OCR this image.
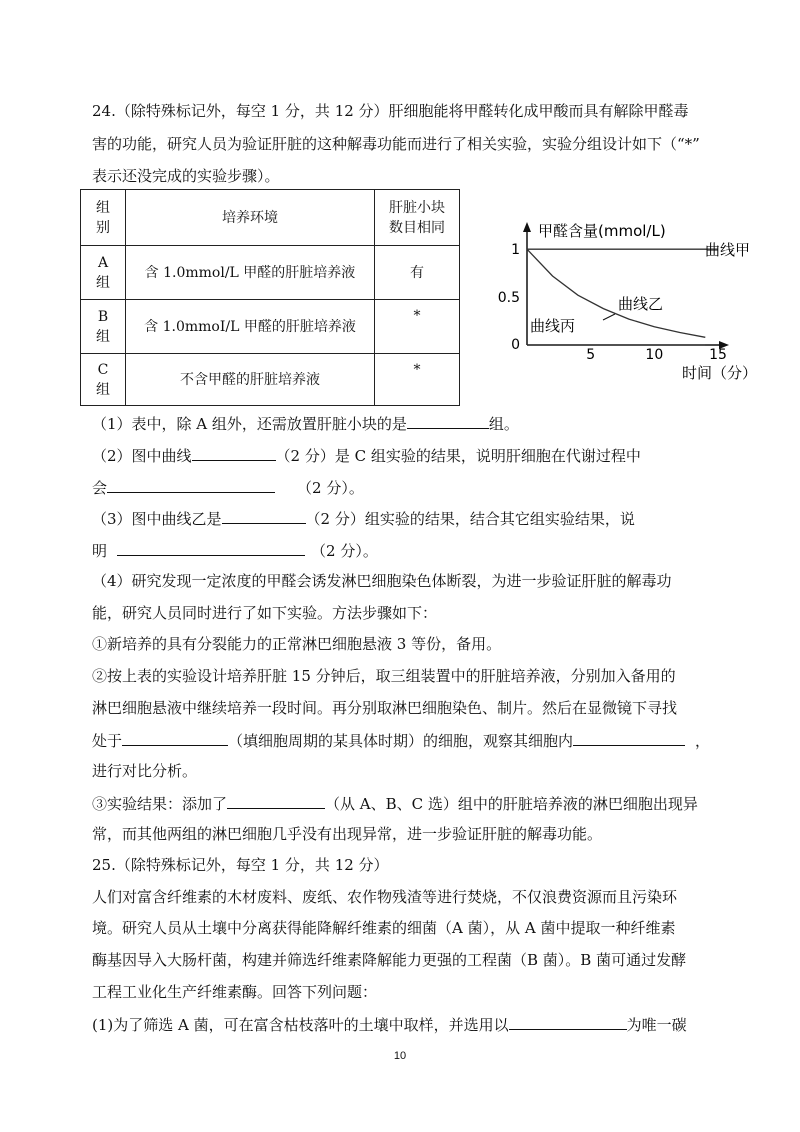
24.（除特殊标记外，每空 1 分，共 12 分）肝细胞能将甲醛转化成甲酸而具有解除甲醛毒
害的功能，研究人员为验证肝脏的这种解毒功能而进行了相关实验，实验分组设计如下（“*”
表示还没完成的实验步骤）。
组
别	培养环境	肝脏小块
数目相同
A
组	含 1.0mmol/L 甲醛的肝脏培养液	有
B
组	含 1.0mmoI/L 甲醛的肝脏培养液	*
C
组	不含甲醛的肝脏培养液	*
5	10	15
0.5
1
0
甲醛含量(mmol/L)
时间（分）
曲线甲
曲线乙
曲线丙
（1）表中，除 A 组外，还需放置肝脏小块的是	组。
（2）图中曲线	（2 分）是 C 组实验的结果，说明肝细胞在代谢过程中
会	（2 分）。
（3）图中曲线乙是	（2 分）组实验的结果，结合其它组实验结果，说
明	（2 分）。
（4）研究发现一定浓度的甲醛会诱发淋巴细胞染色体断裂，为进一步验证肝脏的解毒功
能，研究人员同时进行了如下实验。方法步骤如下：
①新培养的具有分裂能力的正常淋巴细胞悬液 3 等份，备用。
②按上表的实验设计培养肝脏 15 分钟后，取三组装置中的肝脏培养液，分别加入备用的
淋巴细胞悬液中继续培养一段时间。再分别取淋巴细胞染色、制片。然后在显微镜下寻找
处于	（填细胞周期的某具体时期）的细胞，观察其细胞内	，
进行对比分析。
③实验结果：添加了	（从 A、B、C 选）组中的肝脏培养液的淋巴细胞出现异
常，而其他两组的淋巴细胞几乎没有出现异常，进一步验证肝脏的解毒功能。
25.（除特殊标记外，每空 1 分，共 12 分）
人们对富含纤维素的木材废料、废纸、农作物残渣等进行焚烧，不仅浪费资源而且污染环
境。研究人员从土壤中分离获得能降解纤维素的细菌（A 菌），从 A 菌中提取一种纤维素
酶基因导入大肠杆菌，构建并筛选纤维素降解能力更强的工程菌（B 菌）。B 菌可通过发酵
工程工业化生产纤维素酶。回答下列问题：
(1)为了筛选 A 菌，可在富含枯枝落叶的土壤中取样，并选用以	为唯一碳
10
